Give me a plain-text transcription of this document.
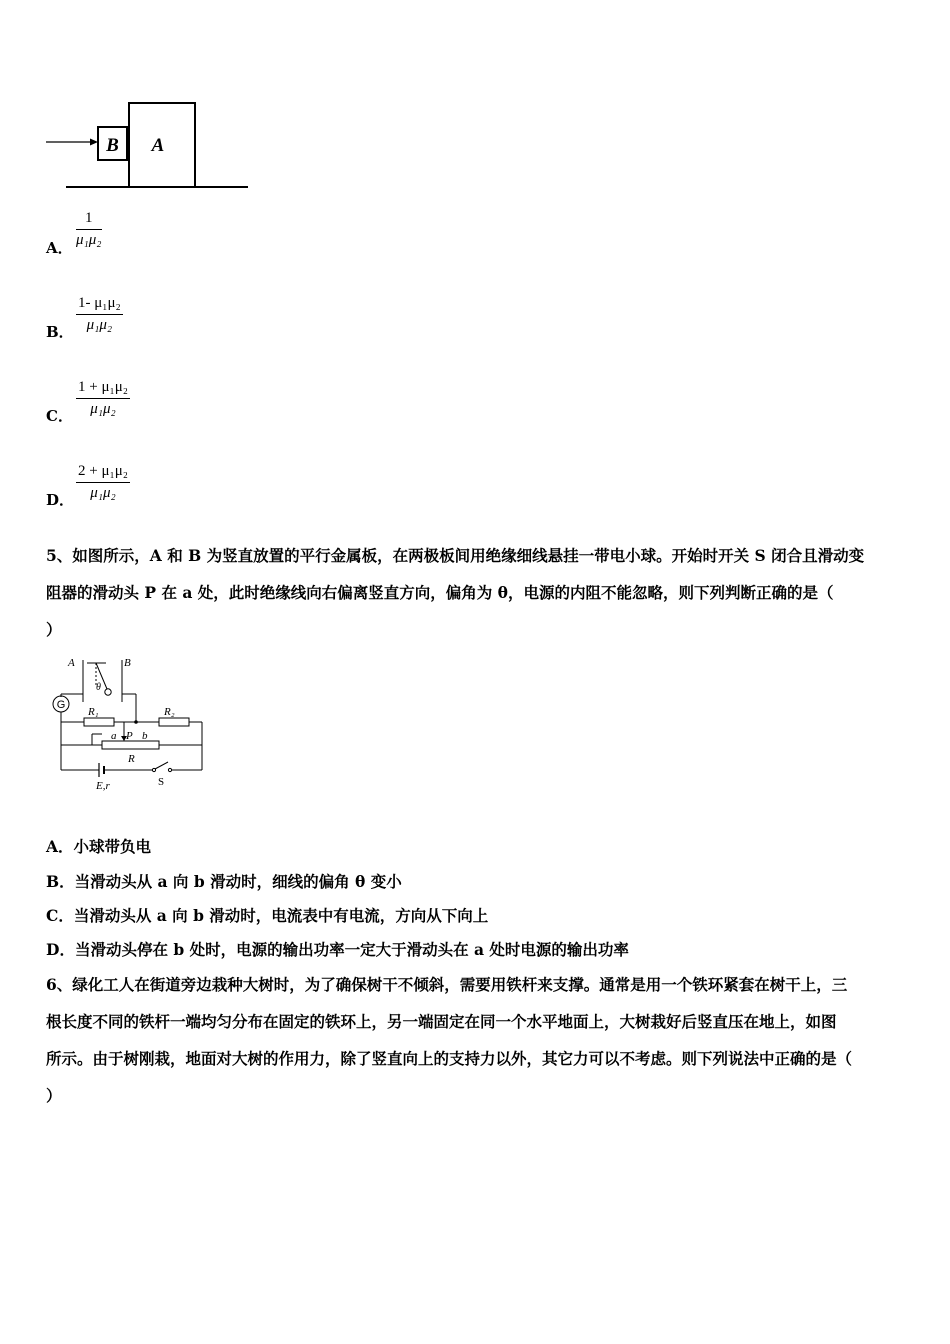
B A
A． $\frac{1}{\text{μ₁μ₂}}$
B． $\frac{\text{1- μ₁μ₂}}{\text{μ₁μ₂}}$
C． $\frac{\text{1 + μ₁μ₂}}{\text{μ₁μ₂}}$
D． $\frac{\text{2 + μ₁μ₂}}{\text{μ₁μ₂}}$
5、如图所示，A 和 B 为竖直放置的平行金属板，在两极板间用绝缘细线悬挂一带电小球。开始时开关 S 闭合且滑动变
阻器的滑动头 P 在 a 处，此时绝缘线向右偏离竖直方向，偏角为 θ，电源的内阻不能忽略，则下列判断正确的是（
）
A	B
θ
R₁	R₂
a P b
R
E,r
G
S
A．小球带负电
B．当滑动头从 a 向 b 滑动时，细线的偏角 θ 变小
C．当滑动头从 a 向 b 滑动时，电流表中有电流，方向从下向上
D．当滑动头停在 b 处时，电源的输出功率一定大于滑动头在 a 处时电源的输出功率
6、绿化工人在街道旁边栽种大树时，为了确保树干不倾斜，需要用铁杆来支撑。通常是用一个铁环紧套在树干上，三
根长度不同的铁杆一端均匀分布在固定的铁环上，另一端固定在同一个水平地面上，大树栽好后竖直压在地上，如图
所示。由于树刚栽，地面对大树的作用力，除了竖直向上的支持力以外，其它力可以不考虑。则下列说法中正确的是（
）
